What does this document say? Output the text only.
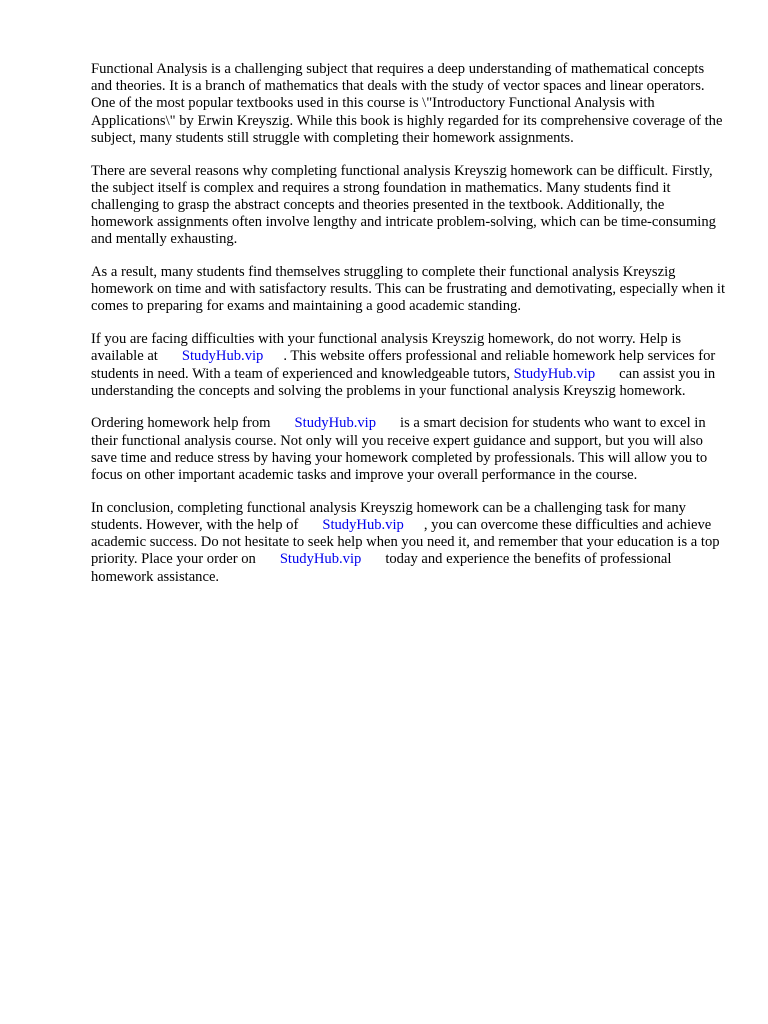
Functional Analysis is a challenging subject that requires a deep understanding of mathematical concepts and theories. It is a branch of mathematics that deals with the study of vector spaces and linear operators. One of the most popular textbooks used in this course is \"Introductory Functional Analysis with Applications\" by Erwin Kreyszig. While this book is highly regarded for its comprehensive coverage of the subject, many students still struggle with completing their homework assignments.

There are several reasons why completing functional analysis Kreyszig homework can be difficult. Firstly, the subject itself is complex and requires a strong foundation in mathematics. Many students find it challenging to grasp the abstract concepts and theories presented in the textbook. Additionally, the homework assignments often involve lengthy and intricate problem-solving, which can be time-consuming and mentally exhausting.

As a result, many students find themselves struggling to complete their functional analysis Kreyszig homework on time and with satisfactory results. This can be frustrating and demotivating, especially when it comes to preparing for exams and maintaining a good academic standing.

If you are facing difficulties with your functional analysis Kreyszig homework, do not worry. Help is available at StudyHub.vip . This website offers professional and reliable homework help services for students in need. With a team of experienced and knowledgeable tutors, StudyHub.vip can assist you in understanding the concepts and solving the problems in your functional analysis Kreyszig homework.

Ordering homework help from StudyHub.vip is a smart decision for students who want to excel in their functional analysis course. Not only will you receive expert guidance and support, but you will also save time and reduce stress by having your homework completed by professionals. This will allow you to focus on other important academic tasks and improve your overall performance in the course.

In conclusion, completing functional analysis Kreyszig homework can be a challenging task for many students. However, with the help of StudyHub.vip , you can overcome these difficulties and achieve academic success. Do not hesitate to seek help when you need it, and remember that your education is a top priority. Place your order on StudyHub.vip today and experience the benefits of professional homework assistance.
